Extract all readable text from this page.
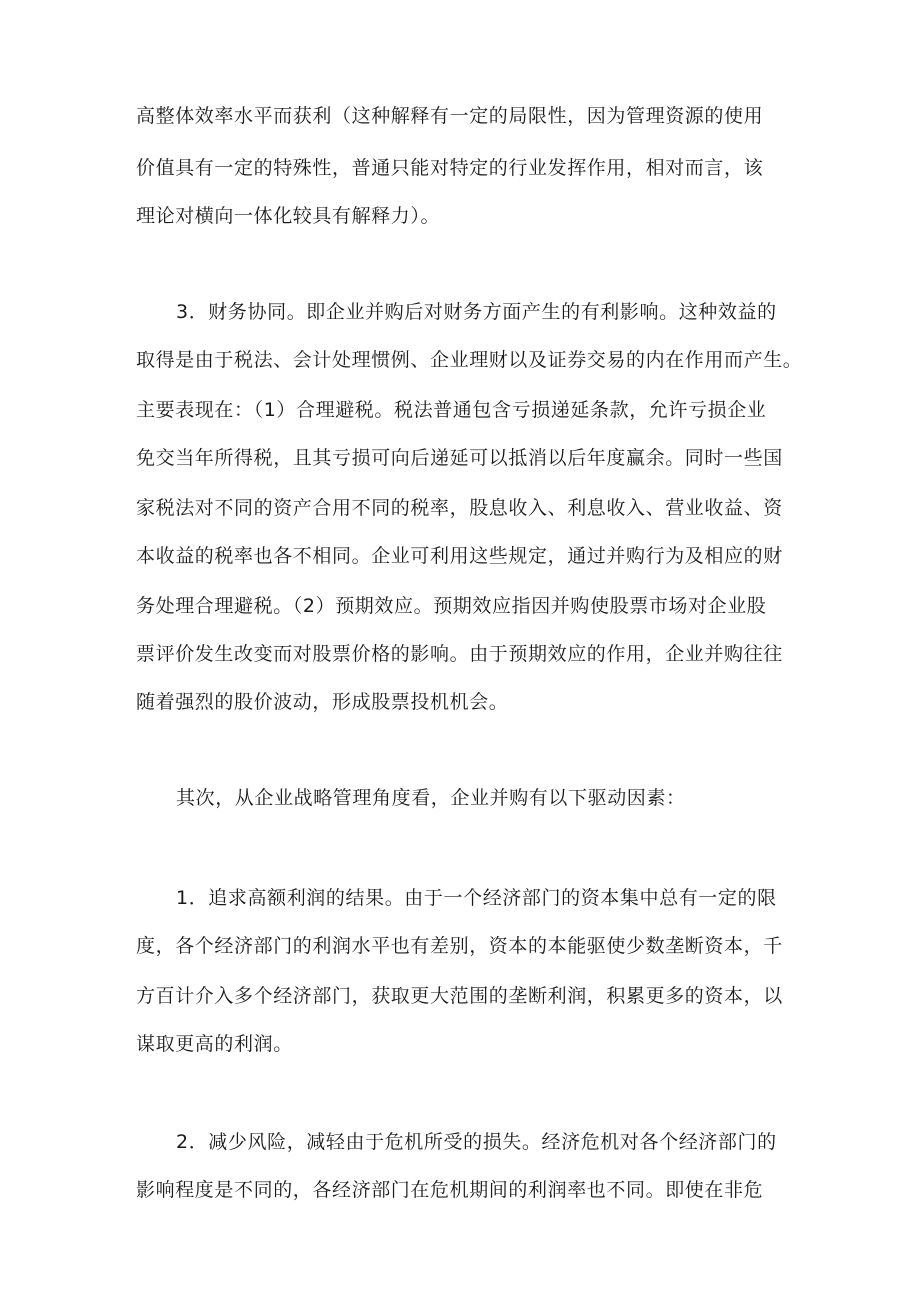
高整体效率水平而获利（这种解释有一定的局限性，因为管理资源的使用
价值具有一定的特殊性，普通只能对特定的行业发挥作用，相对而言，该
理论对横向一体化较具有解释力）。
3．财务协同。即企业并购后对财务方面产生的有利影响。这种效益的
取得是由于税法、会计处理惯例、企业理财以及证券交易的内在作用而产生。
主要表现在：（1）合理避税。税法普通包含亏损递延条款，允许亏损企业
免交当年所得税，且其亏损可向后递延可以抵消以后年度赢余。同时一些国
家税法对不同的资产合用不同的税率，股息收入、利息收入、营业收益、资
本收益的税率也各不相同。企业可利用这些规定，通过并购行为及相应的财
务处理合理避税。（2）预期效应。预期效应指因并购使股票市场对企业股
票评价发生改变而对股票价格的影响。由于预期效应的作用，企业并购往往
随着强烈的股价波动，形成股票投机机会。
其次，从企业战略管理角度看，企业并购有以下驱动因素：
1．追求高额利润的结果。由于一个经济部门的资本集中总有一定的限
度，各个经济部门的利润水平也有差别，资本的本能驱使少数垄断资本，千
方百计介入多个经济部门，获取更大范围的垄断利润，积累更多的资本，以
谋取更高的利润。
2．减少风险，减轻由于危机所受的损失。经济危机对各个经济部门的
影响程度是不同的，各经济部门在危机期间的利润率也不同。即使在非危
